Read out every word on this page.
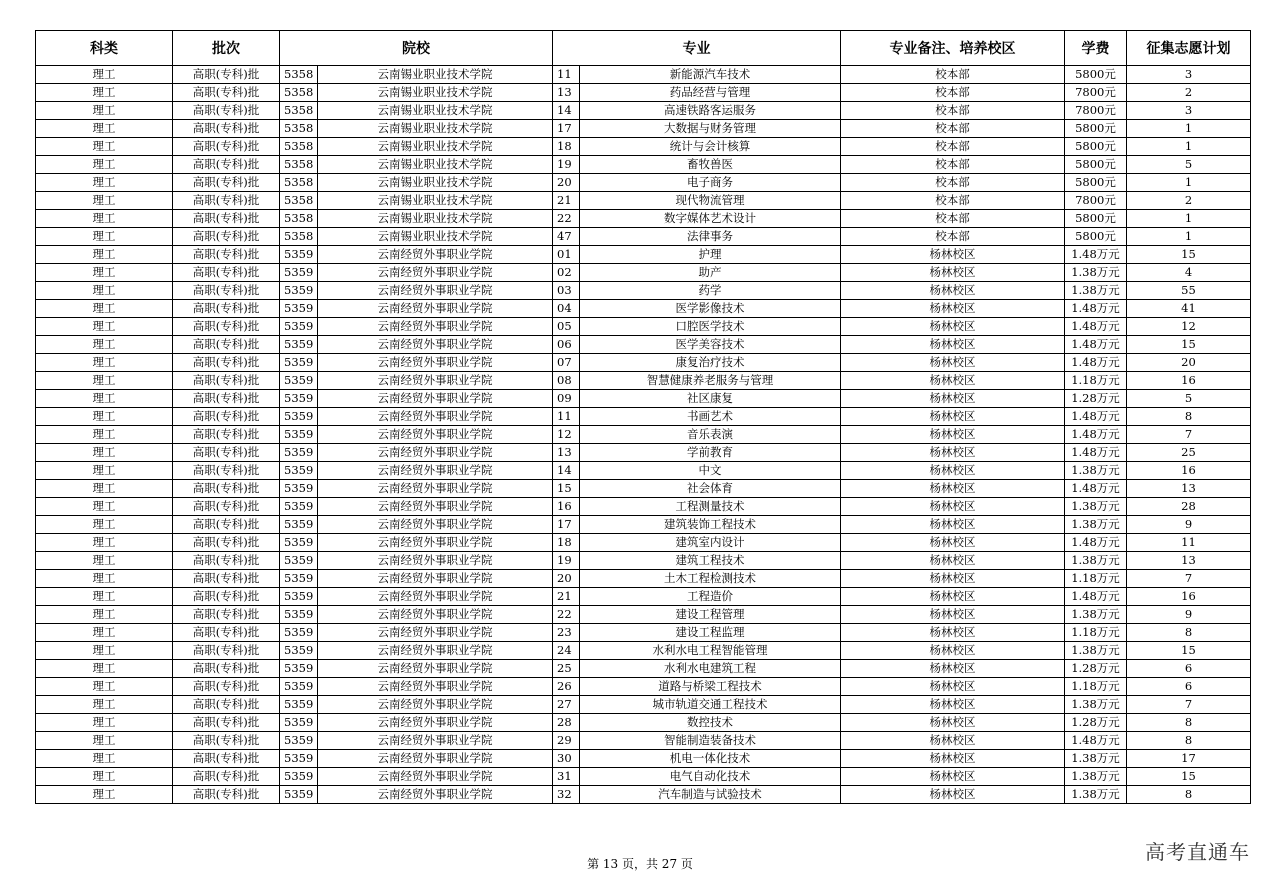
科类	批次	院校		专业		专业备注、培养校区	学费	征集志愿计划
理工	高职(专科)批	5358	云南锡业职业技术学院	11	新能源汽车技术	校本部	5800元	3
理工	高职(专科)批	5358	云南锡业职业技术学院	13	药品经营与管理	校本部	7800元	2
理工	高职(专科)批	5358	云南锡业职业技术学院	14	高速铁路客运服务	校本部	7800元	3
理工	高职(专科)批	5358	云南锡业职业技术学院	17	大数据与财务管理	校本部	5800元	1
理工	高职(专科)批	5358	云南锡业职业技术学院	18	统计与会计核算	校本部	5800元	1
理工	高职(专科)批	5358	云南锡业职业技术学院	19	畜牧兽医	校本部	5800元	5
理工	高职(专科)批	5358	云南锡业职业技术学院	20	电子商务	校本部	5800元	1
理工	高职(专科)批	5358	云南锡业职业技术学院	21	现代物流管理	校本部	7800元	2
理工	高职(专科)批	5358	云南锡业职业技术学院	22	数字媒体艺术设计	校本部	5800元	1
理工	高职(专科)批	5358	云南锡业职业技术学院	47	法律事务	校本部	5800元	1
理工	高职(专科)批	5359	云南经贸外事职业学院	01	护理	杨林校区	1.48万元	15
理工	高职(专科)批	5359	云南经贸外事职业学院	02	助产	杨林校区	1.38万元	4
理工	高职(专科)批	5359	云南经贸外事职业学院	03	药学	杨林校区	1.38万元	55
理工	高职(专科)批	5359	云南经贸外事职业学院	04	医学影像技术	杨林校区	1.48万元	41
理工	高职(专科)批	5359	云南经贸外事职业学院	05	口腔医学技术	杨林校区	1.48万元	12
理工	高职(专科)批	5359	云南经贸外事职业学院	06	医学美容技术	杨林校区	1.48万元	15
理工	高职(专科)批	5359	云南经贸外事职业学院	07	康复治疗技术	杨林校区	1.48万元	20
理工	高职(专科)批	5359	云南经贸外事职业学院	08	智慧健康养老服务与管理	杨林校区	1.18万元	16
理工	高职(专科)批	5359	云南经贸外事职业学院	09	社区康复	杨林校区	1.28万元	5
理工	高职(专科)批	5359	云南经贸外事职业学院	11	书画艺术	杨林校区	1.48万元	8
理工	高职(专科)批	5359	云南经贸外事职业学院	12	音乐表演	杨林校区	1.48万元	7
理工	高职(专科)批	5359	云南经贸外事职业学院	13	学前教育	杨林校区	1.48万元	25
理工	高职(专科)批	5359	云南经贸外事职业学院	14	中文	杨林校区	1.38万元	16
理工	高职(专科)批	5359	云南经贸外事职业学院	15	社会体育	杨林校区	1.48万元	13
理工	高职(专科)批	5359	云南经贸外事职业学院	16	工程测量技术	杨林校区	1.38万元	28
理工	高职(专科)批	5359	云南经贸外事职业学院	17	建筑装饰工程技术	杨林校区	1.38万元	9
理工	高职(专科)批	5359	云南经贸外事职业学院	18	建筑室内设计	杨林校区	1.48万元	11
理工	高职(专科)批	5359	云南经贸外事职业学院	19	建筑工程技术	杨林校区	1.38万元	13
理工	高职(专科)批	5359	云南经贸外事职业学院	20	土木工程检测技术	杨林校区	1.18万元	7
理工	高职(专科)批	5359	云南经贸外事职业学院	21	工程造价	杨林校区	1.48万元	16
理工	高职(专科)批	5359	云南经贸外事职业学院	22	建设工程管理	杨林校区	1.38万元	9
理工	高职(专科)批	5359	云南经贸外事职业学院	23	建设工程监理	杨林校区	1.18万元	8
理工	高职(专科)批	5359	云南经贸外事职业学院	24	水利水电工程智能管理	杨林校区	1.38万元	15
理工	高职(专科)批	5359	云南经贸外事职业学院	25	水利水电建筑工程	杨林校区	1.28万元	6
理工	高职(专科)批	5359	云南经贸外事职业学院	26	道路与桥梁工程技术	杨林校区	1.18万元	6
理工	高职(专科)批	5359	云南经贸外事职业学院	27	城市轨道交通工程技术	杨林校区	1.38万元	7
理工	高职(专科)批	5359	云南经贸外事职业学院	28	数控技术	杨林校区	1.28万元	8
理工	高职(专科)批	5359	云南经贸外事职业学院	29	智能制造装备技术	杨林校区	1.48万元	8
理工	高职(专科)批	5359	云南经贸外事职业学院	30	机电一体化技术	杨林校区	1.38万元	17
理工	高职(专科)批	5359	云南经贸外事职业学院	31	电气自动化技术	杨林校区	1.38万元	15
理工	高职(专科)批	5359	云南经贸外事职业学院	32	汽车制造与试验技术	杨林校区	1.38万元	8
第 13 页，共 27 页	高考直通车
